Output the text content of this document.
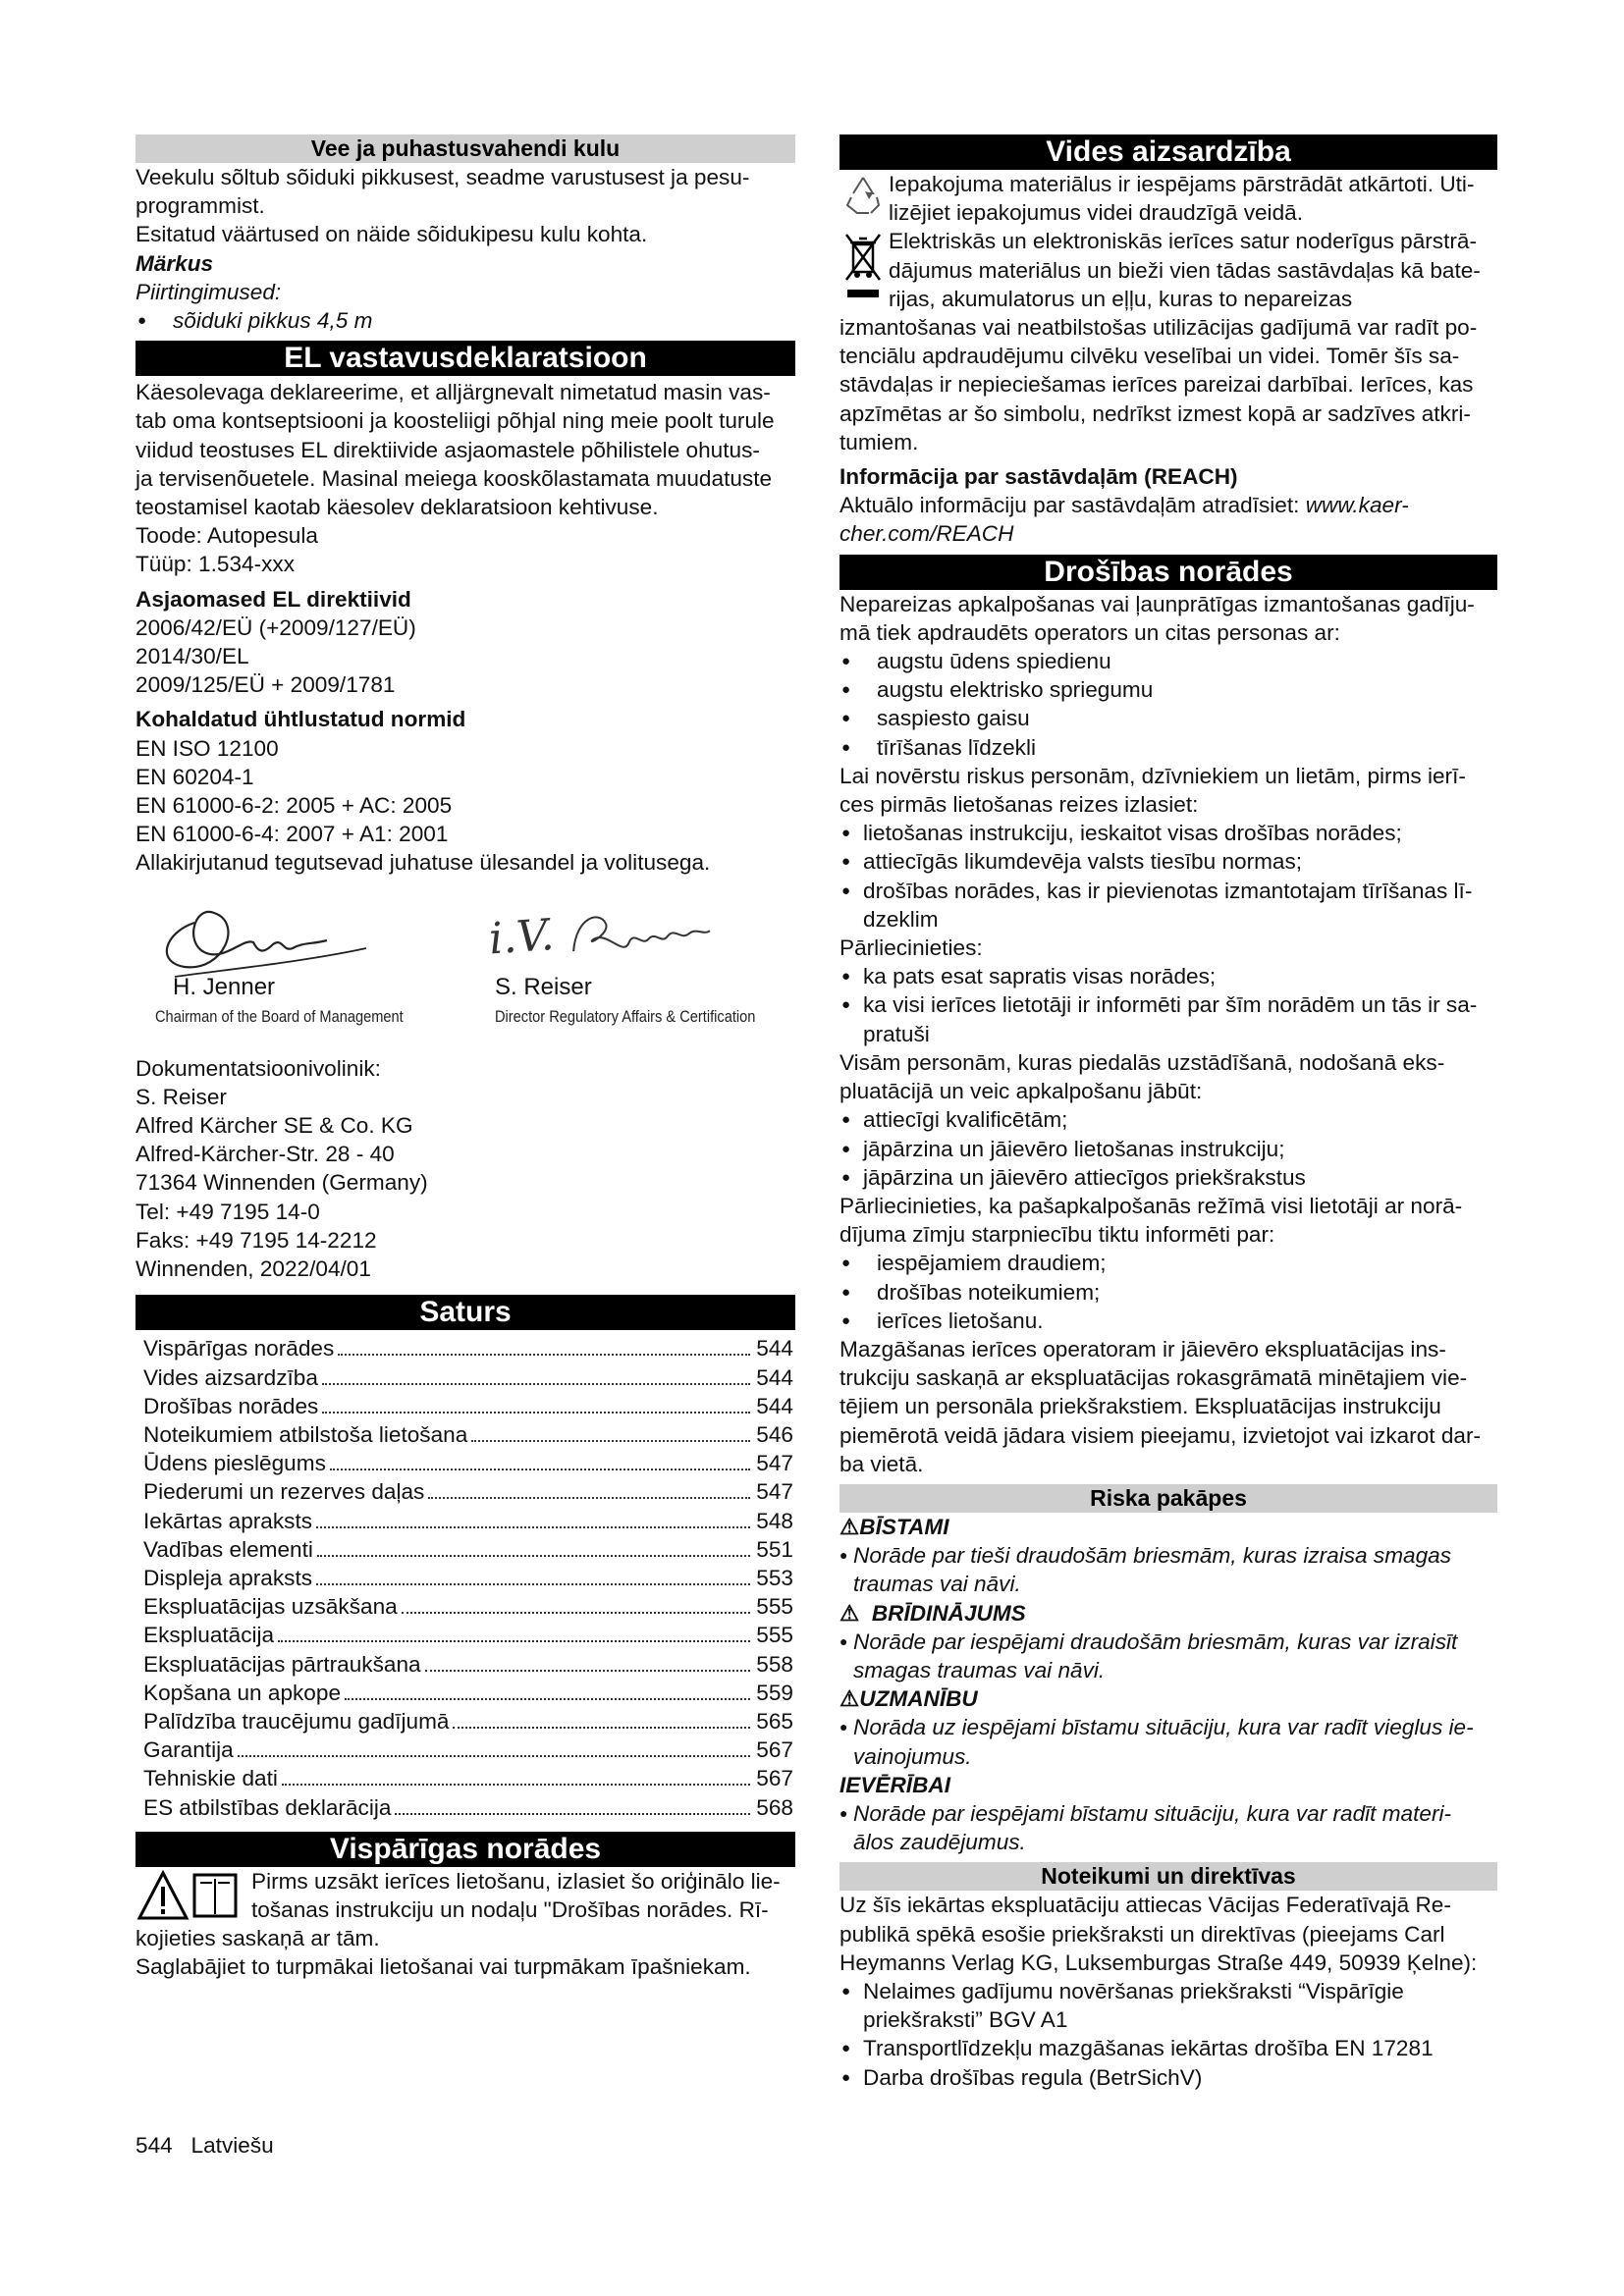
Vee ja puhastusvahendi kulu

Veekulu sõltub sõiduki pikkusest, seadme varustusest ja pesu-

programmist.

Esitatud väärtused on näide sõidukipesu kulu kohta.

Märkus

Piirtingimused:

● sõiduki pikkus 4,5 m
EL vastavusdeklaratsioon

Käesolevaga deklareerime, et alljärgnevalt nimetatud masin vas-

tab oma kontseptsiooni ja koosteliigi põhjal ning meie poolt turule

viidud teostuses EL direktiivide asjaomastele põhilistele ohutus-

ja tervisenõuetele. Masinal meiega kooskõlastamata muudatuste

teostamisel kaotab käesolev deklaratsioon kehtivuse.

Toode: Autopesula

Tüüp: 1.534-xxx

Asjaomased EL direktiivid

2006/42/EÜ (+2009/127/EÜ)

2014/30/EL

2009/125/EÜ + 2009/1781

Kohaldatud ühtlustatud normid

EN ISO 12100

EN 60204-1

EN 61000-6-2: 2005 + AC: 2005

EN 61000-6-4: 2007 + A1: 2001

Allakirjutanud tegutsevad juhatuse ülesandel ja volitusega.

H. Jenner
Chairman of the Board of Management
i.V.
S. Reiser
Director Regulatory Affairs & Certification

Dokumentatsioonivolinik:

S. Reiser

Alfred Kärcher SE & Co. KG

Alfred-Kärcher-Str. 28 - 40

71364 Winnenden (Germany)

Tel: +49 7195 14-0

Faks: +49 7195 14-2212

Winnenden, 2022/04/01

Saturs
Vispārīgas norādes	544
Vides aizsardzība	544
Drošības norādes	544
Noteikumiem atbilstoša lietošana	546
Ūdens pieslēgums	547
Piederumi un rezerves daļas	547
Iekārtas apraksts	548
Vadības elementi	551
Displeja apraksts	553
Ekspluatācijas uzsākšana	555
Ekspluatācija	555
Ekspluatācijas pārtraukšana	558
Kopšana un apkope	559
Palīdzība traucējumu gadījumā	565
Garantija	567
Tehniskie dati	567
ES atbilstības deklarācija	568
Vispārīgas norādes

Pirms uzsākt ierīces lietošanu, izlasiet šo oriģinālo lie-

tošanas instrukciju un nodaļu "Drošības norādes. Rī-

kojieties saskaņā ar tām.

Saglabājiet to turpmākai lietošanai vai turpmākam īpašniekam.

Vides aizsardzība

Iepakojuma materiālus ir iespējams pārstrādāt atkārtoti. Uti-

lizējiet iepakojumus videi draudzīgā veidā.

Elektriskās un elektroniskās ierīces satur noderīgus pārstrā-

dājumus materiālus un bieži vien tādas sastāvdaļas kā bate-

rijas, akumulatorus un eļļu, kuras to nepareizas

izmantošanas vai neatbilstošas utilizācijas gadījumā var radīt po-

tenciālu apdraudējumu cilvēku veselībai un videi. Tomēr šīs sa-

stāvdaļas ir nepieciešamas ierīces pareizai darbībai. Ierīces, kas

apzīmētas ar šo simbolu, nedrīkst izmest kopā ar sadzīves atkri-

tumiem.

Informācija par sastāvdaļām (REACH)

Aktuālo informāciju par sastāvdaļām atradīsiet: www.kaer-

cher.com/REACH

Drošības norādes

Nepareizas apkalpošanas vai ļaunprātīgas izmantošanas gadīju-

mā tiek apdraudēts operators un citas personas ar:

● augstu ūdens spiedienu
● augstu elektrisko spriegumu
● saspiesto gaisu
● tīrīšanas līdzekli

Lai novērstu riskus personām, dzīvniekiem un lietām, pirms ierī-

ces pirmās lietošanas reizes izlasiet:

● lietošanas instrukciju, ieskaitot visas drošības norādes;
● attiecīgās likumdevēja valsts tiesību normas;
● drošības norādes, kas ir pievienotas izmantotajam tīrīšanas lī-
dzeklim

Pārliecinieties:

● ka pats esat sapratis visas norādes;
● ka visi ierīces lietotāji ir informēti par šīm norādēm un tās ir sa-
pratuši

Visām personām, kuras piedalās uzstādīšanā, nodošanā eks-

pluatācijā un veic apkalpošanu jābūt:

● attiecīgi kvalificētām;
● jāpārzina un jāievēro lietošanas instrukciju;
● jāpārzina un jāievēro attiecīgos priekšrakstus

Pārliecinieties, ka pašapkalpošanās režīmā visi lietotāji ar norā-

dījuma zīmju starpniecību tiktu informēti par:

● iespējamiem draudiem;
● drošības noteikumiem;
● ierīces lietošanu.

Mazgāšanas ierīces operatoram ir jāievēro ekspluatācijas ins-

trukciju saskaņā ar ekspluatācijas rokasgrāmatā minētajiem vie-

tējiem un personāla priekšrakstiem. Ekspluatācijas instrukciju

piemērotā veidā jādara visiem pieejamu, izvietojot vai izkarot dar-

ba vietā.

Riska pakāpes

⚠BĪSTAMI

● Norāde par tieši draudošām briesmām, kuras izraisa smagas
traumas vai nāvi.

⚠  BRĪDINĀJUMS

● Norāde par iespējami draudošām briesmām, kuras var izraisīt
smagas traumas vai nāvi.

⚠UZMANĪBU

● Norāda uz iespējami bīstamu situāciju, kura var radīt vieglus ie-
vainojumus.

IEVĒRĪBAI

● Norāde par iespējami bīstamu situāciju, kura var radīt materi-
ālos zaudējumus.
Noteikumi un direktīvas

Uz šīs iekārtas ekspluatāciju attiecas Vācijas Federatīvajā Re-

publikā spēkā esošie priekšraksti un direktīvas (pieejams Carl

Heymanns Verlag KG, Luksemburgas Straße 449, 50939 Ķelne):

● Nelaimes gadījumu novēršanas priekšraksti “Vispārīgie
priekšraksti” BGV A1
● Transportlīdzekļu mazgāšanas iekārtas drošība EN 17281
● Darba drošības regula (BetrSichV)
544 Latviešu
